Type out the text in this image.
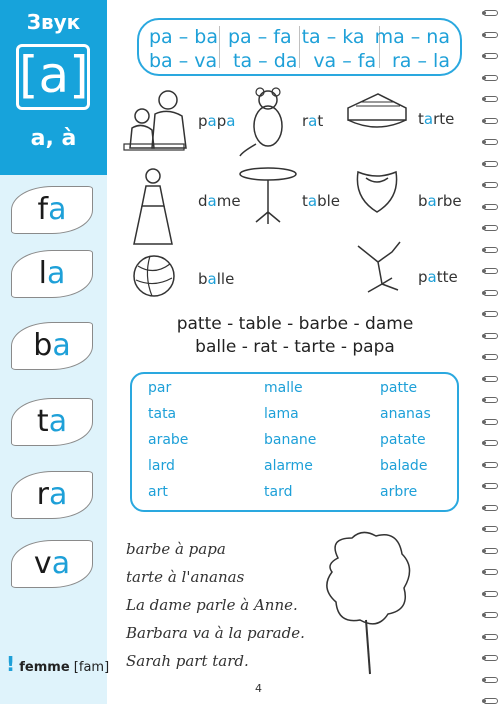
Звук
[a]
a, à
fa
la
ba
ta
ra
va
! femme [fam]
pa – ba pa – fa ta – ka ma – na
ba – va ta – da va – fa ra – la
papa	rat	tarte
dame	table	barbe
balle	patte
patte - table - barbe - dame
balle - rat - tarte - papa
par	malle	patte
tata	lama	ananas
arabe	banane	patate
lard	alarme	balade
art	tard	arbre
barbe à papa
tarte à l'ananas
La dame parle à Anne.
Barbara va à la parade.
Sarah part tard.
4
